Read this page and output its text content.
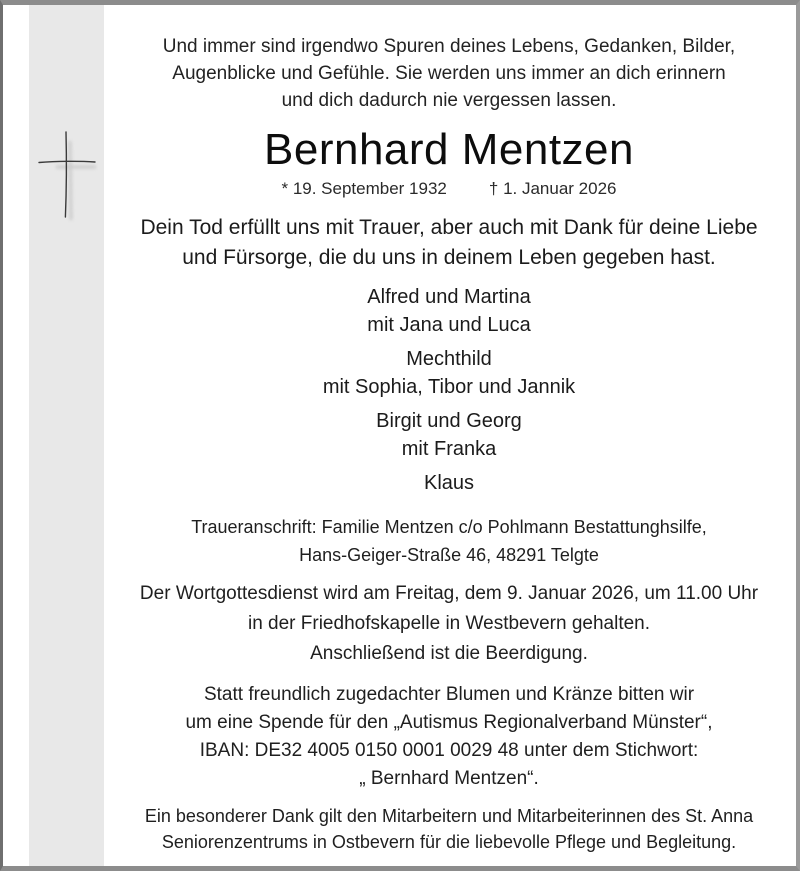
Und immer sind irgendwo Spuren deines Lebens, Gedanken, Bilder,
Augenblicke und Gefühle. Sie werden uns immer an dich erinnern
und dich dadurch nie vergessen lassen.
Bernhard Mentzen
* 19. September 1932 † 1. Januar 2026
Dein Tod erfüllt uns mit Trauer, aber auch mit Dank für deine Liebe
und Fürsorge, die du uns in deinem Leben gegeben hast.
Alfred und Martina
mit Jana und Luca
Mechthild
mit Sophia, Tibor und Jannik
Birgit und Georg
mit Franka
Klaus
Traueranschrift: Familie Mentzen c/o Pohlmann Bestattunghsilfe,
Hans-Geiger-Straße 46, 48291 Telgte
Der Wortgottesdienst wird am Freitag, dem 9. Januar 2026, um 11.00 Uhr
in der Friedhofskapelle in Westbevern gehalten.
Anschließend ist die Beerdigung.
Statt freundlich zugedachter Blumen und Kränze bitten wir
um eine Spende für den „Autismus Regionalverband Münster“,
IBAN: DE32 4005 0150 0001 0029 48 unter dem Stichwort:
„ Bernhard Mentzen“.
Ein besonderer Dank gilt den Mitarbeitern und Mitarbeiterinnen des St. Anna
Seniorenzentrums in Ostbevern für die liebevolle Pflege und Begleitung.
